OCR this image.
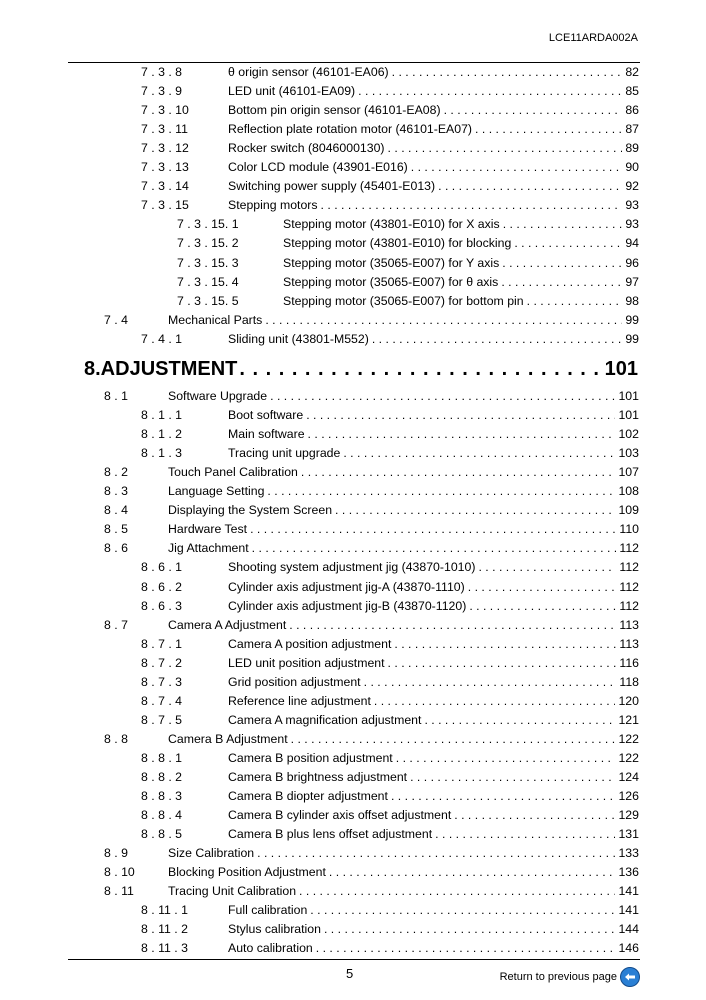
LCE11ARDA002A
7 . 3 . 8	θ origin sensor (46101-EA06) . . .	82
7 . 3 . 9	LED unit (46101-EA09) . . .	85
7 . 3 . 10	Bottom pin origin sensor (46101-EA08) . . .	86
7 . 3 . 11	Reflection plate rotation motor (46101-EA07) . . .	87
7 . 3 . 12	Rocker switch (8046000130) . . .	89
7 . 3 . 13	Color LCD module (43901-E016) . . .	90
7 . 3 . 14	Switching power supply (45401-E013) . . .	92
7 . 3 . 15	Stepping motors . . .	93
7 . 3 . 15. 1	Stepping motor (43801-E010) for X axis . . .	93
7 . 3 . 15. 2	Stepping motor (43801-E010) for blocking . . .	94
7 . 3 . 15. 3	Stepping motor (35065-E007) for Y axis . . .	96
7 . 3 . 15. 4	Stepping motor (35065-E007) for θ axis . . .	97
7 . 3 . 15. 5	Stepping motor (35065-E007) for bottom pin . . .	98
7 . 4	Mechanical Parts . . .	99
7 . 4 . 1	Sliding unit (43801-M552) . . .	99
8.ADJUSTMENT . . .	101
8 . 1	Software Upgrade . . .	101
8 . 1 . 1	Boot software . . .	101
8 . 1 . 2	Main software . . .	102
8 . 1 . 3	Tracing unit upgrade . . .	103
8 . 2	Touch Panel Calibration . . .	107
8 . 3	Language Setting . . .	108
8 . 4	Displaying the System Screen . . .	109
8 . 5	Hardware Test . . .	110
8 . 6	Jig Attachment . . .	112
8 . 6 . 1	Shooting system adjustment jig (43870-1010) . . .	112
8 . 6 . 2	Cylinder axis adjustment jig-A (43870-1110) . . .	112
8 . 6 . 3	Cylinder axis adjustment jig-B (43870-1120) . . .	112
8 . 7	Camera A Adjustment . . .	113
8 . 7 . 1	Camera A position adjustment . . .	113
8 . 7 . 2	LED unit position adjustment . . .	116
8 . 7 . 3	Grid position adjustment . . .	118
8 . 7 . 4	Reference line adjustment . . .	120
8 . 7 . 5	Camera A magnification adjustment . . .	121
8 . 8	Camera B Adjustment . . .	122
8 . 8 . 1	Camera B position adjustment . . .	122
8 . 8 . 2	Camera B brightness adjustment . . .	124
8 . 8 . 3	Camera B diopter adjustment . . .	126
8 . 8 . 4	Camera B cylinder axis offset adjustment . . .	129
8 . 8 . 5	Camera B plus lens offset adjustment . . .	131
8 . 9	Size Calibration . . .	133
8 . 10	Blocking Position Adjustment . . .	136
8 . 11	Tracing Unit Calibration . . .	141
8 . 11 . 1	Full calibration . . .	141
8 . 11 . 2	Stylus calibration . . .	144
8 . 11 . 3	Auto calibration . . .	146
5	Return to previous page
